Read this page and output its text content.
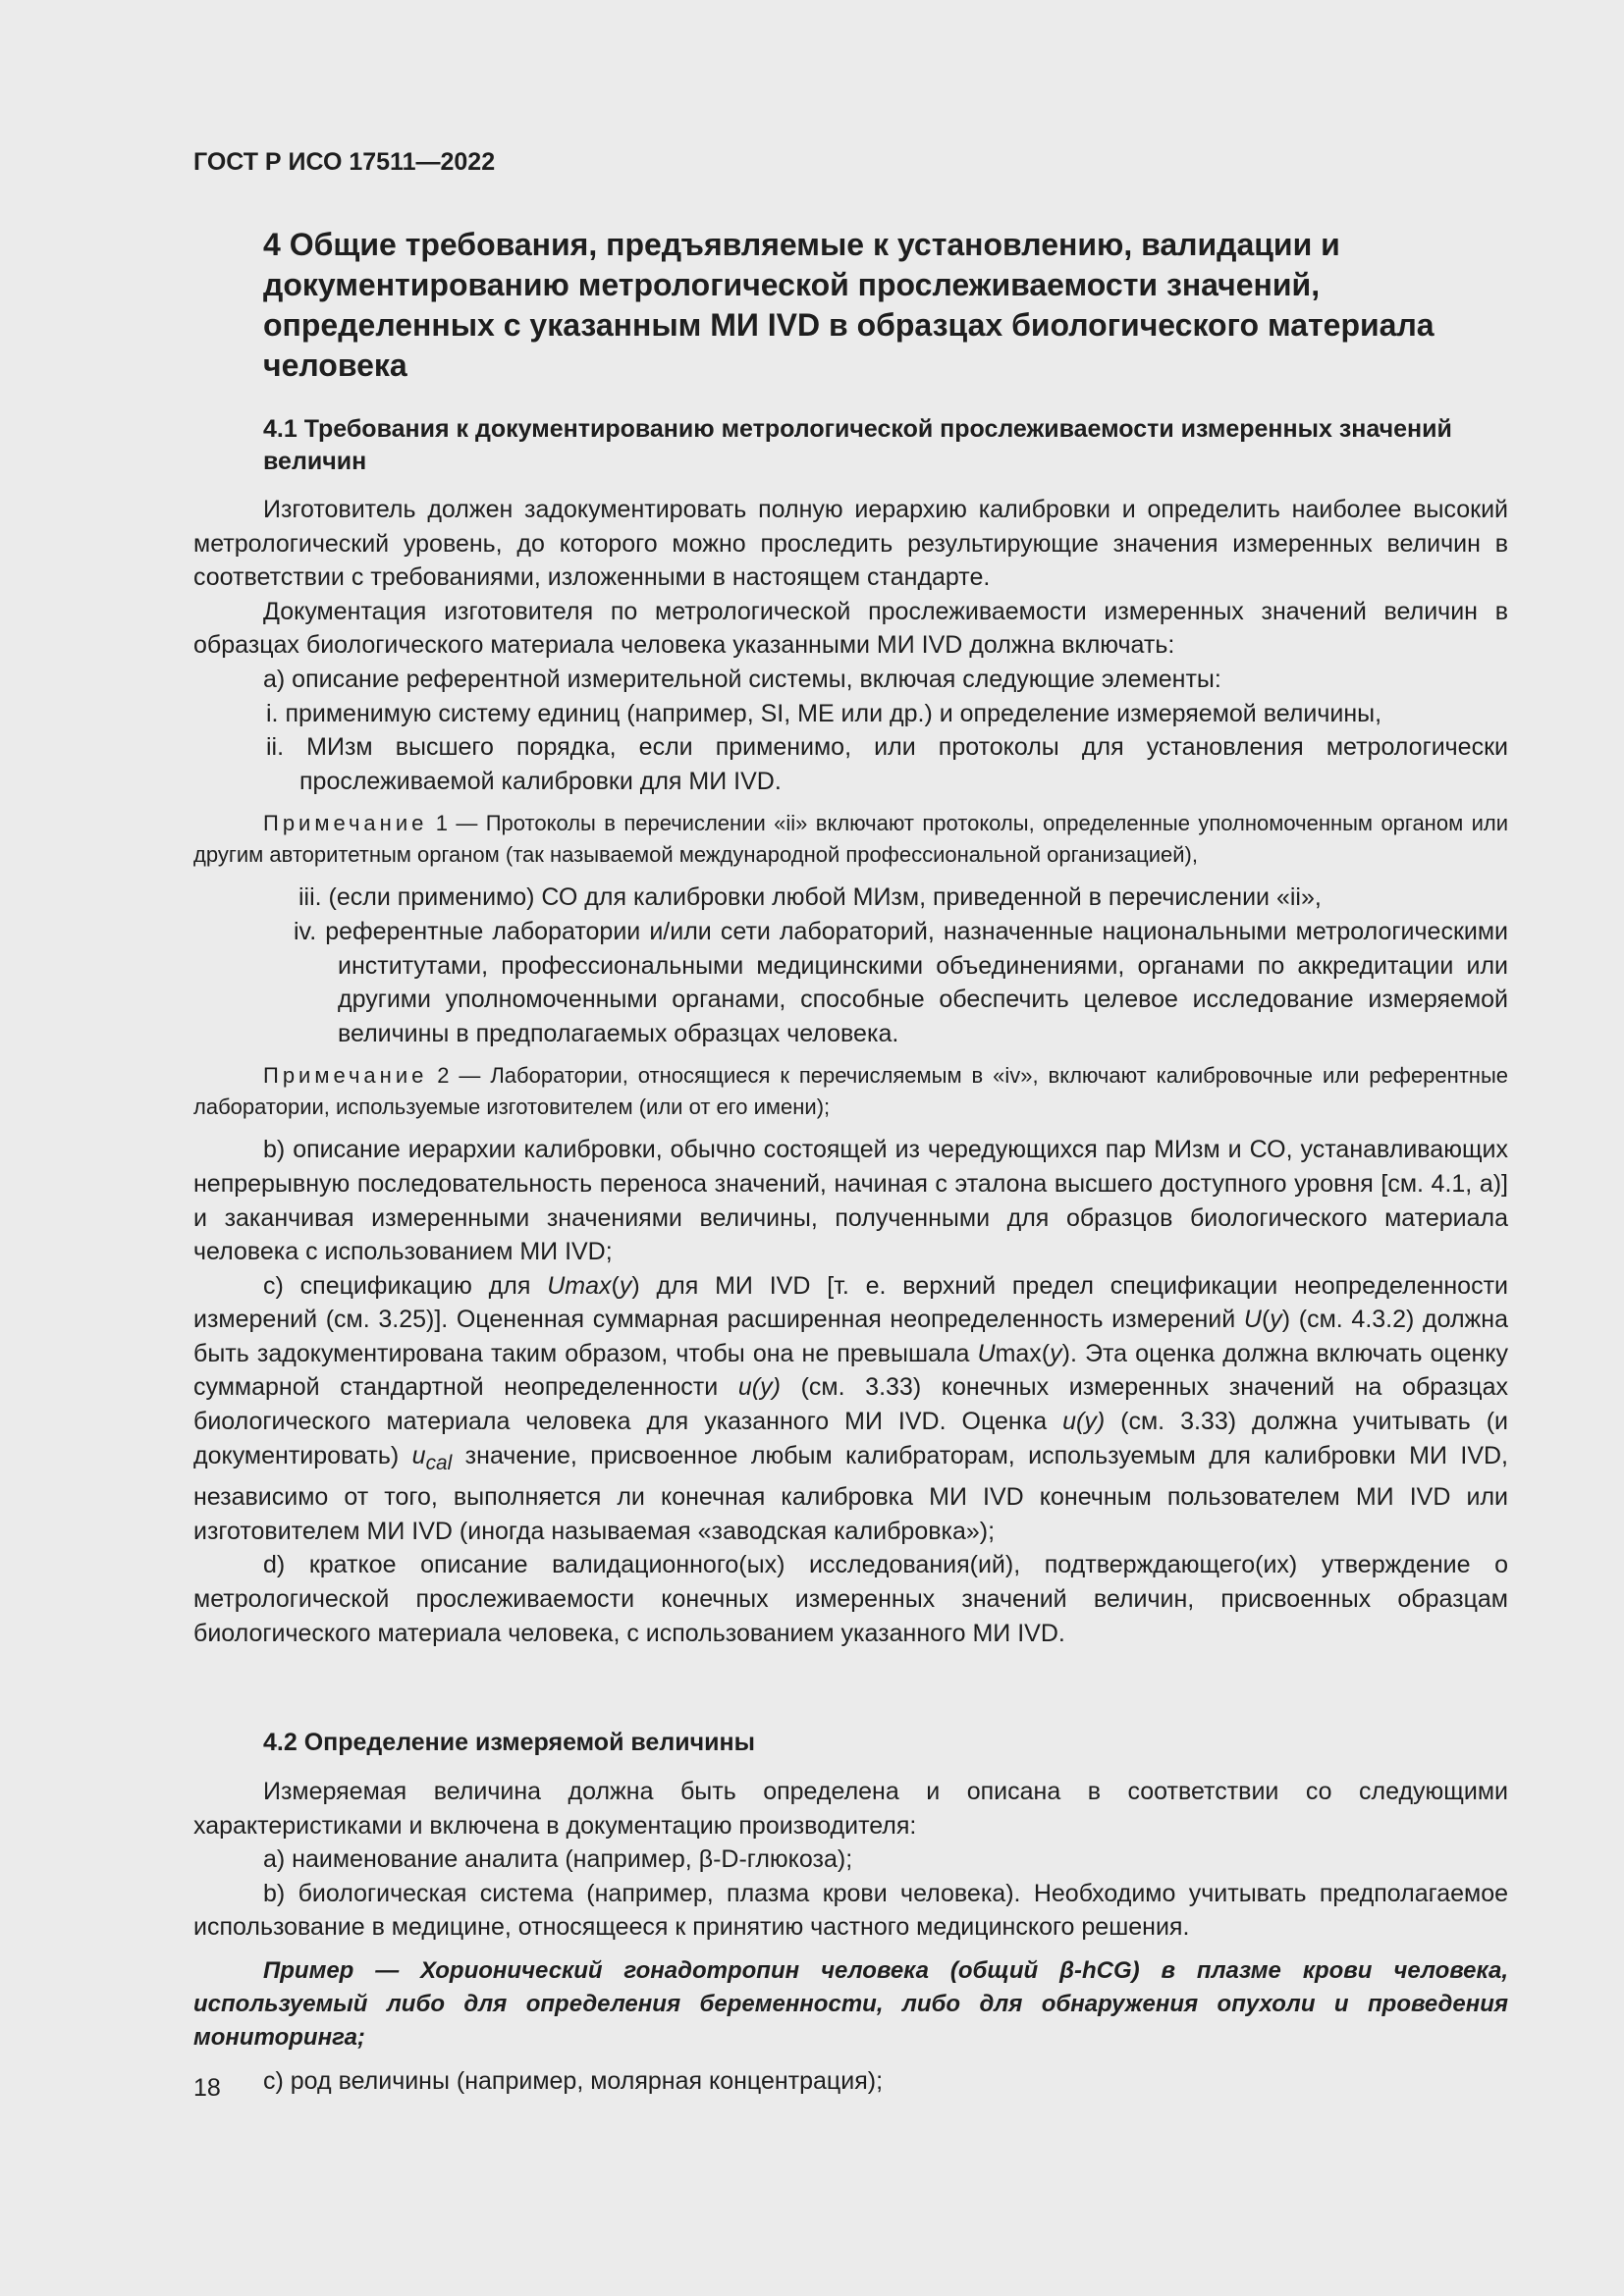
ГОСТ Р ИСО 17511—2022
4 Общие требования, предъявляемые к установлению, валидации и документированию метрологической прослеживаемости значений, определенных с указанным МИ IVD в образцах биологического материала человека
4.1 Требования к документированию метрологической прослеживаемости измеренных значений величин

Изготовитель должен задокументировать полную иерархию калибровки и определить наиболее высокий метрологический уровень, до которого можно проследить результирующие значения измеренных величин в соответствии с требованиями, изложенными в настоящем стандарте.

Документация изготовителя по метрологической прослеживаемости измеренных значений величин в образцах биологического материала человека указанными МИ IVD должна включать:

а) описание референтной измерительной системы, включая следующие элементы:

i. применимую систему единиц (например, SI, МЕ или др.) и определение измеряемой величины,

ii. МИзм высшего порядка, если применимо, или протоколы для установления метрологически прослеживаемой калибровки для МИ IVD.

Примечание 1 — Протоколы в перечислении «ii» включают протоколы, определенные уполномоченным органом или другим авторитетным органом (так называемой международной профессиональной организацией),

iii. (если применимо) СО для калибровки любой МИзм, приведенной в перечислении «ii»,

iv. референтные лаборатории и/или сети лабораторий, назначенные национальными метрологическими институтами, профессиональными медицинскими объединениями, органами по аккредитации или другими уполномоченными органами, способные обеспечить целевое исследование измеряемой величины в предполагаемых образцах человека.

Примечание 2 — Лаборатории, относящиеся к перечисляемым в «iv», включают калибровочные или референтные лаборатории, используемые изготовителем (или от его имени);

b) описание иерархии калибровки, обычно состоящей из чередующихся пар МИзм и СО, устанавливающих непрерывную последовательность переноса значений, начиная с эталона высшего доступного уровня [см. 4.1, а)] и заканчивая измеренными значениями величины, полученными для образцов биологического материала человека с использованием МИ IVD;

с) спецификацию для Umax(y) для МИ IVD [т. е. верхний предел спецификации неопределенности измерений (см. 3.25)]. Оцененная суммарная расширенная неопределенность измерений U(y) (см. 4.3.2) должна быть задокументирована таким образом, чтобы она не превышала Umax(y). Эта оценка должна включать оценку суммарной стандартной неопределенности u(y) (см. 3.33) конечных измеренных значений на образцах биологического материала человека для указанного МИ IVD. Оценка u(y) (см. 3.33) должна учитывать (и документировать) $u_{cal}$ значение, присвоенное любым калибраторам, используемым для калибровки МИ IVD, независимо от того, выполняется ли конечная калибровка МИ IVD конечным пользователем МИ IVD или изготовителем МИ IVD (иногда называемая «заводская калибровка»);

d) краткое описание валидационного(ых) исследования(ий), подтверждающего(их) утверждение о метрологической прослеживаемости конечных измеренных значений величин, присвоенных образцам биологического материала человека, с использованием указанного МИ IVD.

4.2 Определение измеряемой величины

Измеряемая величина должна быть определена и описана в соответствии со следующими характеристиками и включена в документацию производителя:

а) наименование аналита (например, β-D-глюкоза);

b) биологическая система (например, плазма крови человека). Необходимо учитывать предполагаемое использование в медицине, относящееся к принятию частного медицинского решения.

Пример — Хорионический гонадотропин человека (общий β-hCG) в плазме крови человека, используемый либо для определения беременности, либо для обнаружения опухоли и проведения мониторинга;

с) род величины (например, молярная концентрация);

18
